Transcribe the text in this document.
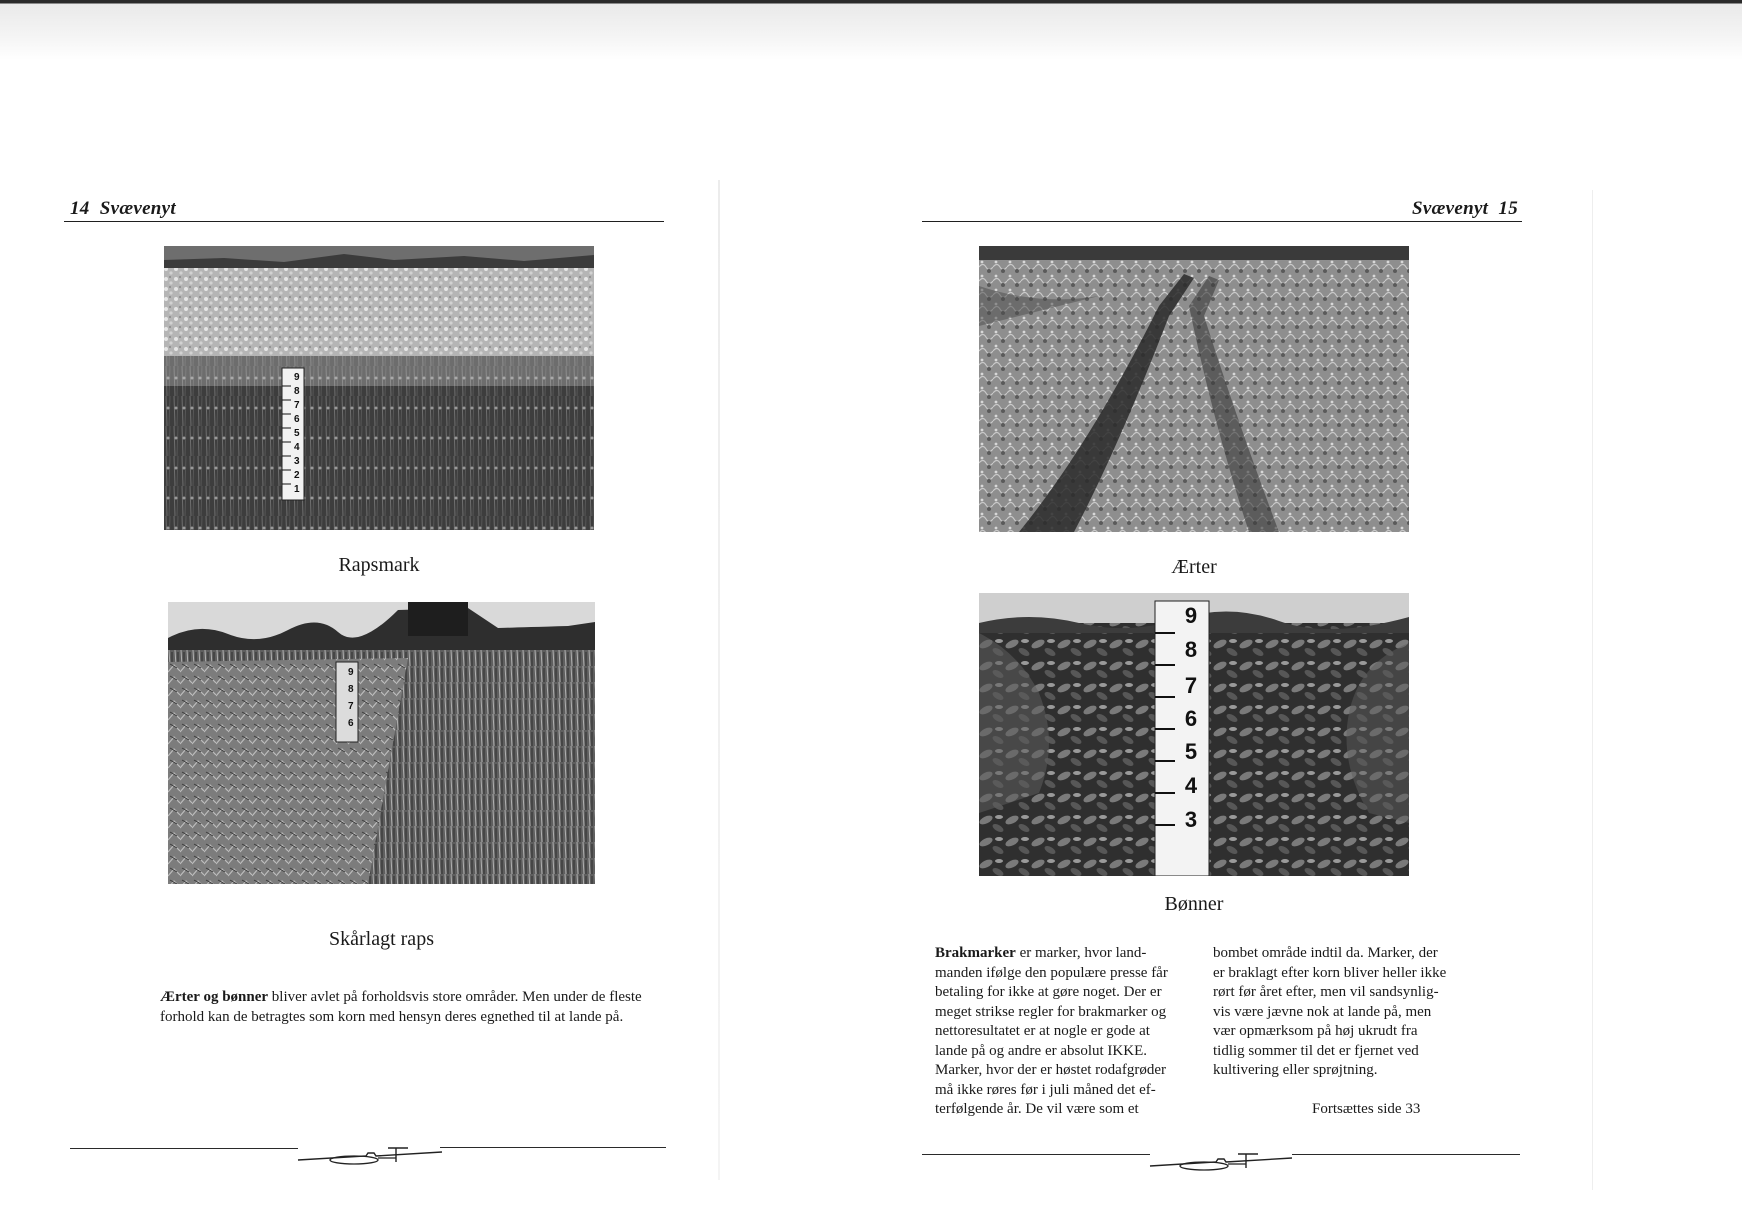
14 Svævenyt
9
8
7
6
5
4
3
2
1
Rapsmark
9
8
7
6
Skårlagt raps
Ærter og bønner bliver avlet på forholdsvis store områder. Men under de fleste forhold kan de betragtes som korn med hensyn deres egnethed til at lande på.
Svævenyt 15
Ærter
9
8
7
6
5
4
3
Bønner
Brakmarker er marker, hvor land-
manden ifølge den populære presse får
betaling for ikke at gøre noget. Der er
meget strikse regler for brakmarker og
nettoresultatet er at nogle er gode at
lande på og andre er absolut IKKE.
Marker, hvor der er høstet rodafgrøder
må ikke røres før i juli måned det ef-
terfølgende år. De vil være som et
bombet område indtil da. Marker, der
er braklagt efter korn bliver heller ikke
rørt før året efter, men vil sandsynlig-
vis være jævne nok at lande på, men
vær opmærksom på høj ukrudt fra
tidlig sommer til det er fjernet ved
kultivering eller sprøjtning.
Fortsættes side 33
